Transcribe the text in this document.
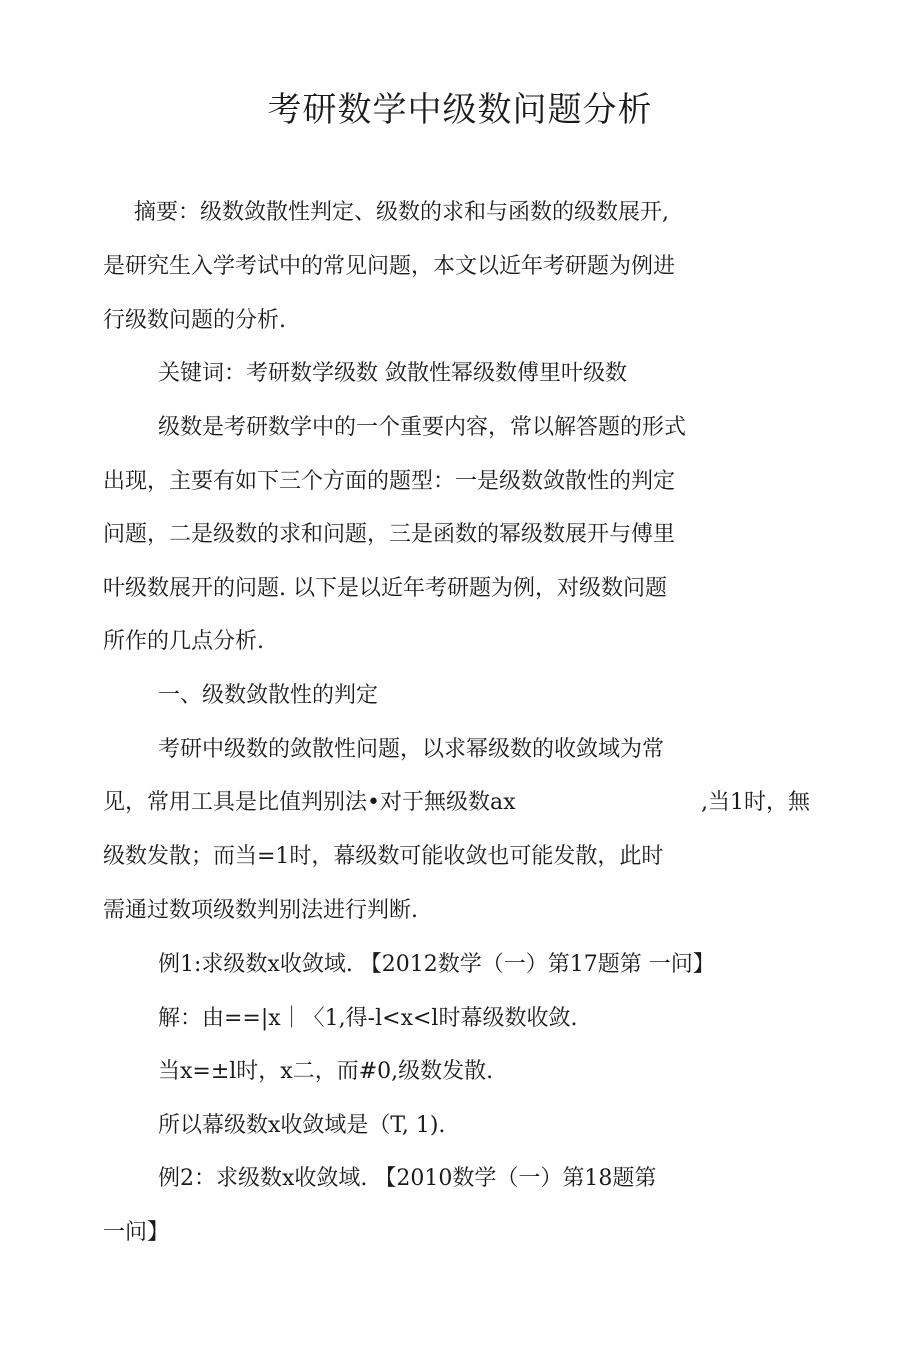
考研数学中级数问题分析
摘要：级数敛散性判定、级数的求和与函数的级数展开,
是研究生入学考试中的常见问题，本文以近年考研题为例进
行级数问题的分析.
关键词：考研数学级数 敛散性幂级数傅里叶级数
级数是考研数学中的一个重要内容，常以解答题的形式
出现，主要有如下三个方面的题型：一是级数敛散性的判定
问题，二是级数的求和问题，三是函数的幂级数展开与傅里
叶级数展开的问题. 以下是以近年考研题为例，对级数问题
所作的几点分析.
一、级数敛散性的判定
考研中级数的敛散性问题，以求幂级数的收敛域为常
见，常用工具是比值判别法•对于無级数ax	,当1时，無
级数发散；而当=1时，幕级数可能收敛也可能发散，此时
需通过数项级数判别法进行判断.
例1:求级数x收敛域. 【2012数学（一）第17题第 一问】
解：由==|x｜〈1,得-l<x<l时幕级数收敛.
当x=±l时，x二，而#0,级数发散.
所以幕级数x收敛域是（T, 1).
例2：求级数x收敛域. 【2010数学（一）第18题第
一问】
